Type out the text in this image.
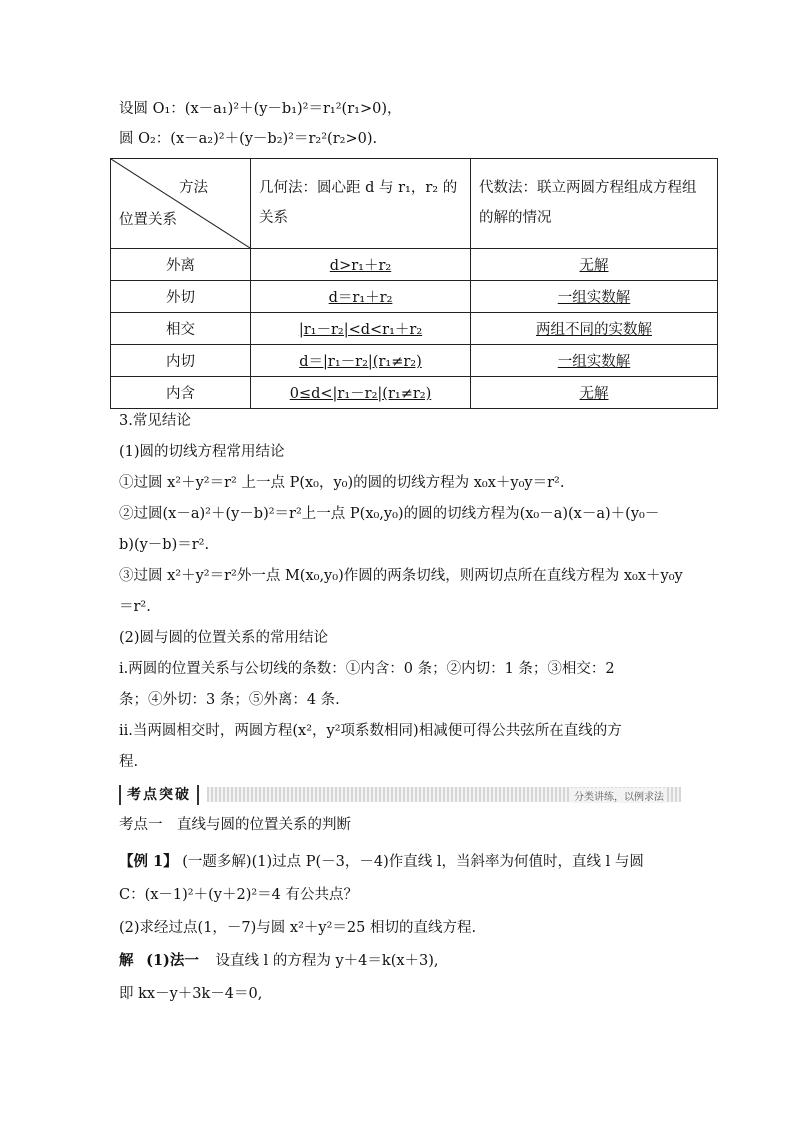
设圆 O₁：(x－a₁)²＋(y－b₁)²＝r₁²(r₁>0)，
圆 O₂：(x－a₂)²＋(y－b₂)²＝r₂²(r₂>0).
方法
位置关系	几何法：圆心距 d 与 r₁，r₂ 的关系	代数法：联立两圆方程组成方程组的解的情况
外离	d>r₁＋r₂	无解
外切	d＝r₁＋r₂	一组实数解
相交	|r₁－r₂|<d<r₁＋r₂	两组不同的实数解
内切	d＝|r₁－r₂|(r₁≠r₂)	一组实数解
内含	0≤d<|r₁－r₂|(r₁≠r₂)	无解
3.常见结论
(1)圆的切线方程常用结论
①过圆 x²＋y²＝r² 上一点 P(x₀，y₀)的圆的切线方程为 x₀x＋y₀y＝r².
②过圆(x－a)²＋(y－b)²＝r²上一点 P(x₀,y₀)的圆的切线方程为(x₀－a)(x－a)＋(y₀－
b)(y－b)＝r².
③过圆 x²＋y²＝r²外一点 M(x₀,y₀)作圆的两条切线，则两切点所在直线方程为 x₀x＋y₀y
＝r².
(2)圆与圆的位置关系的常用结论
ⅰ.两圆的位置关系与公切线的条数：①内含：0 条；②内切：1 条；③相交：2
条；④外切：3 条；⑤外离：4 条.
ⅱ.当两圆相交时，两圆方程(x²，y²项系数相同)相减便可得公共弦所在直线的方
程.
考点突破	分类讲练，以例求法
考点一　直线与圆的位置关系的判断
【例 1】 (一题多解)(1)过点 P(－3，－4)作直线 l，当斜率为何值时，直线 l 与圆
C：(x－1)²＋(y＋2)²＝4 有公共点？
(2)求经过点(1，－7)与圆 x²＋y²＝25 相切的直线方程.
解 (1)法一 设直线 l 的方程为 y＋4＝k(x＋3),
即 kx－y＋3k－4＝0,
